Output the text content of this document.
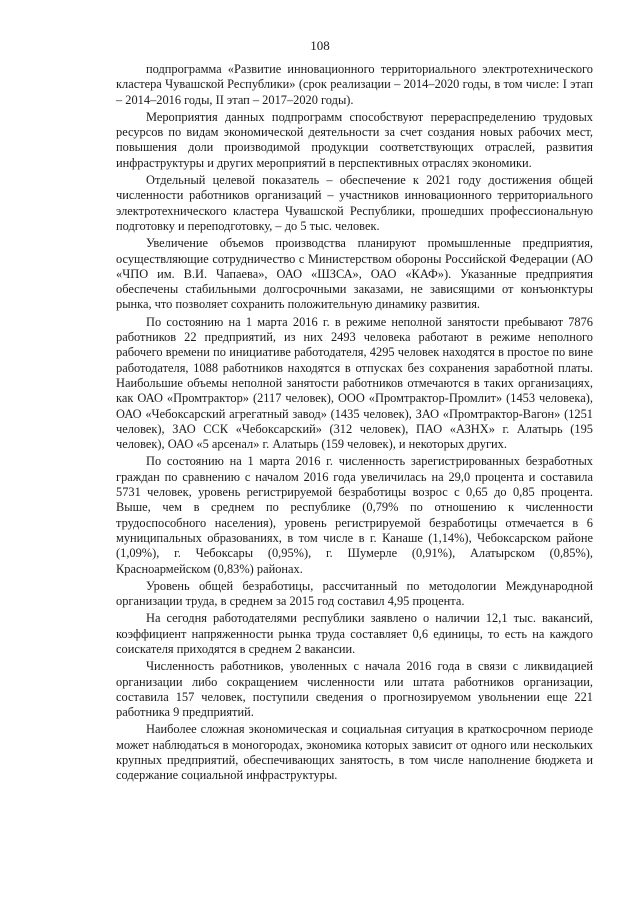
108

подпрограмма «Развитие инновационного территориального электротехнического кластера Чувашской Республики» (срок реализации – 2014–2020 годы, в том числе: I этап – 2014–2016 годы, II этап – 2017–2020 годы).

Мероприятия данных подпрограмм способствуют перераспределению трудовых ресурсов по видам экономической деятельности за счет создания новых рабочих мест, повышения доли производимой продукции соответствующих отраслей, развития инфраструктуры и других мероприятий в перспективных отраслях экономики.

Отдельный целевой показатель – обеспечение к 2021 году достижения общей численности работников организаций – участников инновационного территориального электротехнического кластера Чувашской Республики, прошедших профессиональную подготовку и переподготовку, – до 5 тыс. человек.

Увеличение объемов производства планируют промышленные предприятия, осуществляющие сотрудничество с Министерством обороны Российской Федерации (АО «ЧПО им. В.И. Чапаева», ОАО «ШЗСА», ОАО «КАФ»). Указанные предприятия обеспечены стабильными долгосрочными заказами, не зависящими от конъюнктуры рынка, что позволяет сохранить положительную динамику развития.

По состоянию на 1 марта 2016 г. в режиме неполной занятости пребывают 7876 работников 22 предприятий, из них 2493 человека работают в режиме неполного рабочего времени по инициативе работодателя, 4295 человек находятся в простое по вине работодателя, 1088 работников находятся в отпусках без сохранения заработной платы. Наибольшие объемы неполной занятости работников отмечаются в таких организациях, как ОАО «Промтрактор» (2117 человек), ООО «Промтрактор-Промлит» (1453 человека), ОАО «Чебоксарский агрегатный завод» (1435 человек), ЗАО «Промтрактор-Вагон» (1251 человек), ЗАО ССК «Чебоксарский» (312 человек), ПАО «АЗНХ» г. Алатырь (195 человек), ОАО «5 арсенал» г. Алатырь (159 человек), и некоторых других.

По состоянию на 1 марта 2016 г. численность зарегистрированных безработных граждан по сравнению с началом 2016 года увеличилась на 29,0 процента и составила 5731 человек, уровень регистрируемой безработицы возрос с 0,65 до 0,85 процента. Выше, чем в среднем по республике (0,79% по отношению к численности трудоспособного населения), уровень регистрируемой безработицы отмечается в 6 муниципальных образованиях, в том числе в г. Канаше (1,14%), Чебоксарском районе (1,09%), г. Чебоксары (0,95%), г. Шумерле (0,91%), Алатырском (0,85%), Красноармейском (0,83%) районах.

Уровень общей безработицы, рассчитанный по методологии Международной организации труда, в среднем за 2015 год составил 4,95 процента.

На сегодня работодателями республики заявлено о наличии 12,1 тыс. вакансий, коэффициент напряженности рынка труда составляет 0,6 единицы, то есть на каждого соискателя приходятся в среднем 2 вакансии.

Численность работников, уволенных с начала 2016 года в связи с ликвидацией организации либо сокращением численности или штата работников организации, составила 157 человек, поступили сведения о прогнозируемом увольнении еще 221 работника 9 предприятий.

Наиболее сложная экономическая и социальная ситуация в краткосрочном периоде может наблюдаться в моногородах, экономика которых зависит от одного или нескольких крупных предприятий, обеспечивающих занятость, в том числе наполнение бюджета и содержание социальной инфраструктуры.
